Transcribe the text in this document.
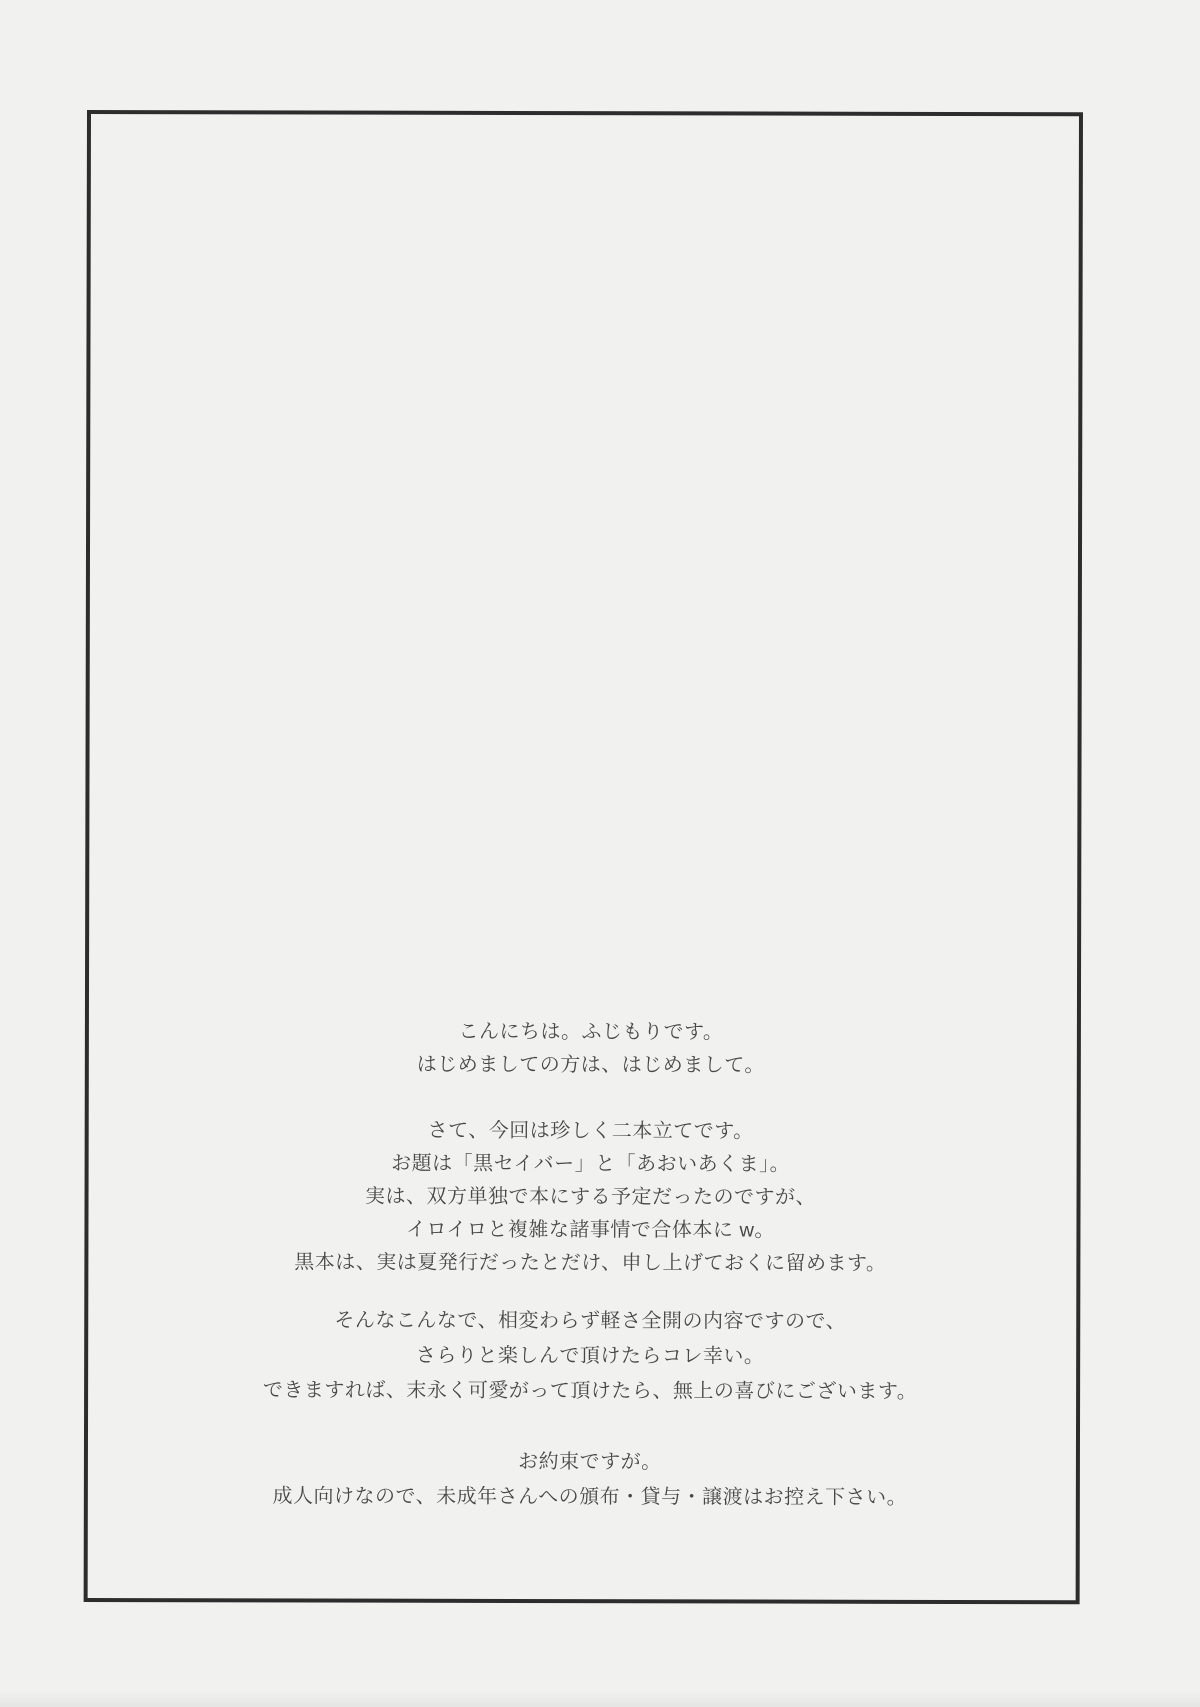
こんにちは。ふじもりです。
はじめましての方は、はじめまして。
さて、今回は珍しく二本立てです。
お題は「黒セイバー」と「あおいあくま」。
実は、双方単独で本にする予定だったのですが、
イロイロと複雑な諸事情で合体本に w。
黒本は、実は夏発行だったとだけ、申し上げておくに留めます。
そんなこんなで、相変わらず軽さ全開の内容ですので、
さらりと楽しんで頂けたらコレ幸い。
できますれば、末永く可愛がって頂けたら、無上の喜びにございます。
お約束ですが。
成人向けなので、未成年さんへの頒布・貸与・譲渡はお控え下さい。
